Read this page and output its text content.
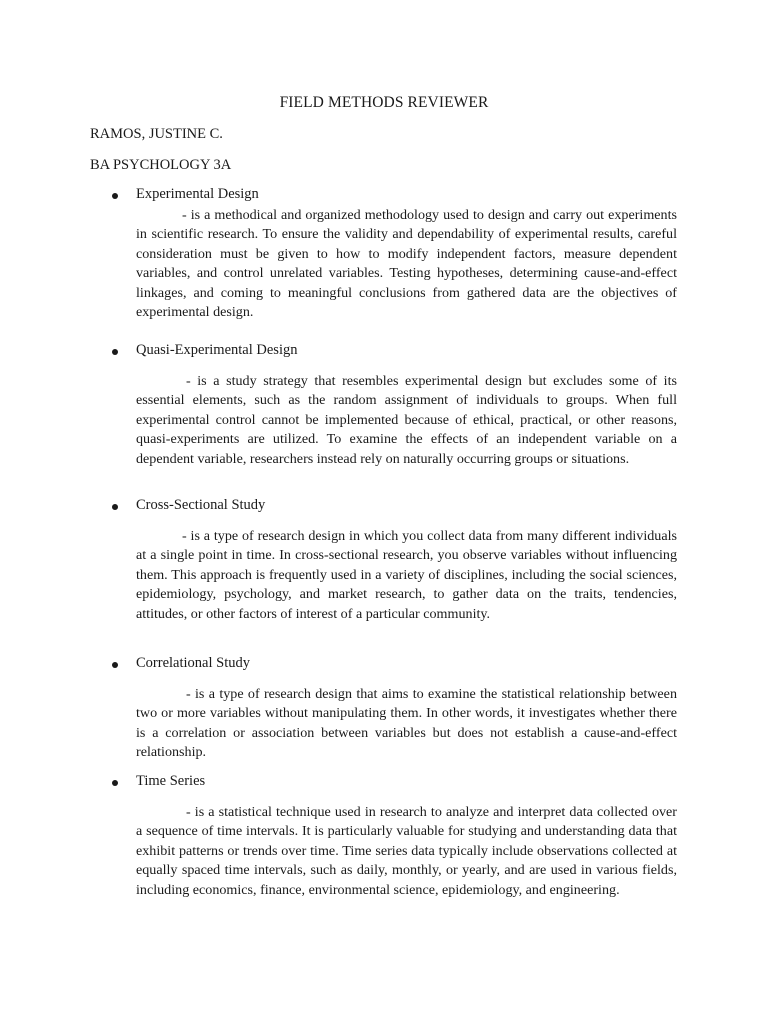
FIELD METHODS REVIEWER
RAMOS, JUSTINE C.
BA PSYCHOLOGY 3A
Experimental Design
- is a methodical and organized methodology used to design and carry out experiments in scientific research. To ensure the validity and dependability of experimental results, careful consideration must be given to how to modify independent factors, measure dependent variables, and control unrelated variables. Testing hypotheses, determining cause-and-effect linkages, and coming to meaningful conclusions from gathered data are the objectives of experimental design.
Quasi-Experimental Design
- is a study strategy that resembles experimental design but excludes some of its essential elements, such as the random assignment of individuals to groups. When full experimental control cannot be implemented because of ethical, practical, or other reasons, quasi-experiments are utilized. To examine the effects of an independent variable on a dependent variable, researchers instead rely on naturally occurring groups or situations.
Cross-Sectional Study
- is a type of research design in which you collect data from many different individuals at a single point in time. In cross-sectional research, you observe variables without influencing them. This approach is frequently used in a variety of disciplines, including the social sciences, epidemiology, psychology, and market research, to gather data on the traits, tendencies, attitudes, or other factors of interest of a particular community.
Correlational Study
- is a type of research design that aims to examine the statistical relationship between two or more variables without manipulating them. In other words, it investigates whether there is a correlation or association between variables but does not establish a cause-and-effect relationship.
Time Series
- is a statistical technique used in research to analyze and interpret data collected over a sequence of time intervals. It is particularly valuable for studying and understanding data that exhibit patterns or trends over time. Time series data typically include observations collected at equally spaced time intervals, such as daily, monthly, or yearly, and are used in various fields, including economics, finance, environmental science, epidemiology, and engineering.
